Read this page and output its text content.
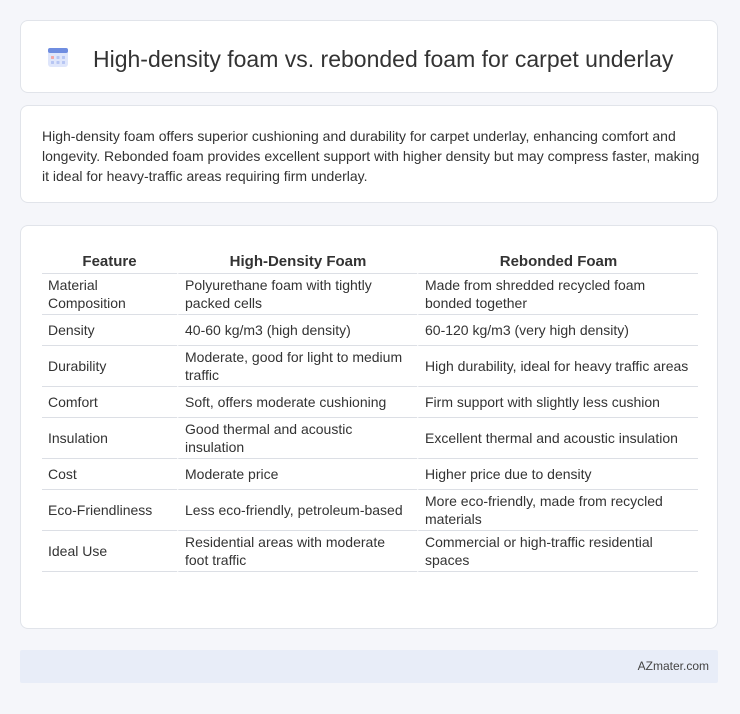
High-density foam vs. rebonded foam for carpet underlay

High-density foam offers superior cushioning and durability for carpet underlay, enhancing comfort and longevity. Rebonded foam provides excellent support with higher density but may compress faster, making it ideal for heavy-traffic areas requiring firm underlay.

Feature	High-Density Foam	Rebonded Foam
Material Composition	Polyurethane foam with tightly packed cells	Made from shredded recycled foam bonded together
Density	40-60 kg/m3 (high density)	60-120 kg/m3 (very high density)
Durability	Moderate, good for light to medium traffic	High durability, ideal for heavy traffic areas
Comfort	Soft, offers moderate cushioning	Firm support with slightly less cushion
Insulation	Good thermal and acoustic insulation	Excellent thermal and acoustic insulation
Cost	Moderate price	Higher price due to density
Eco-Friendliness	Less eco-friendly, petroleum-based	More eco-friendly, made from recycled materials
Ideal Use	Residential areas with moderate foot traffic	Commercial or high-traffic residential spaces
AZmater.com
